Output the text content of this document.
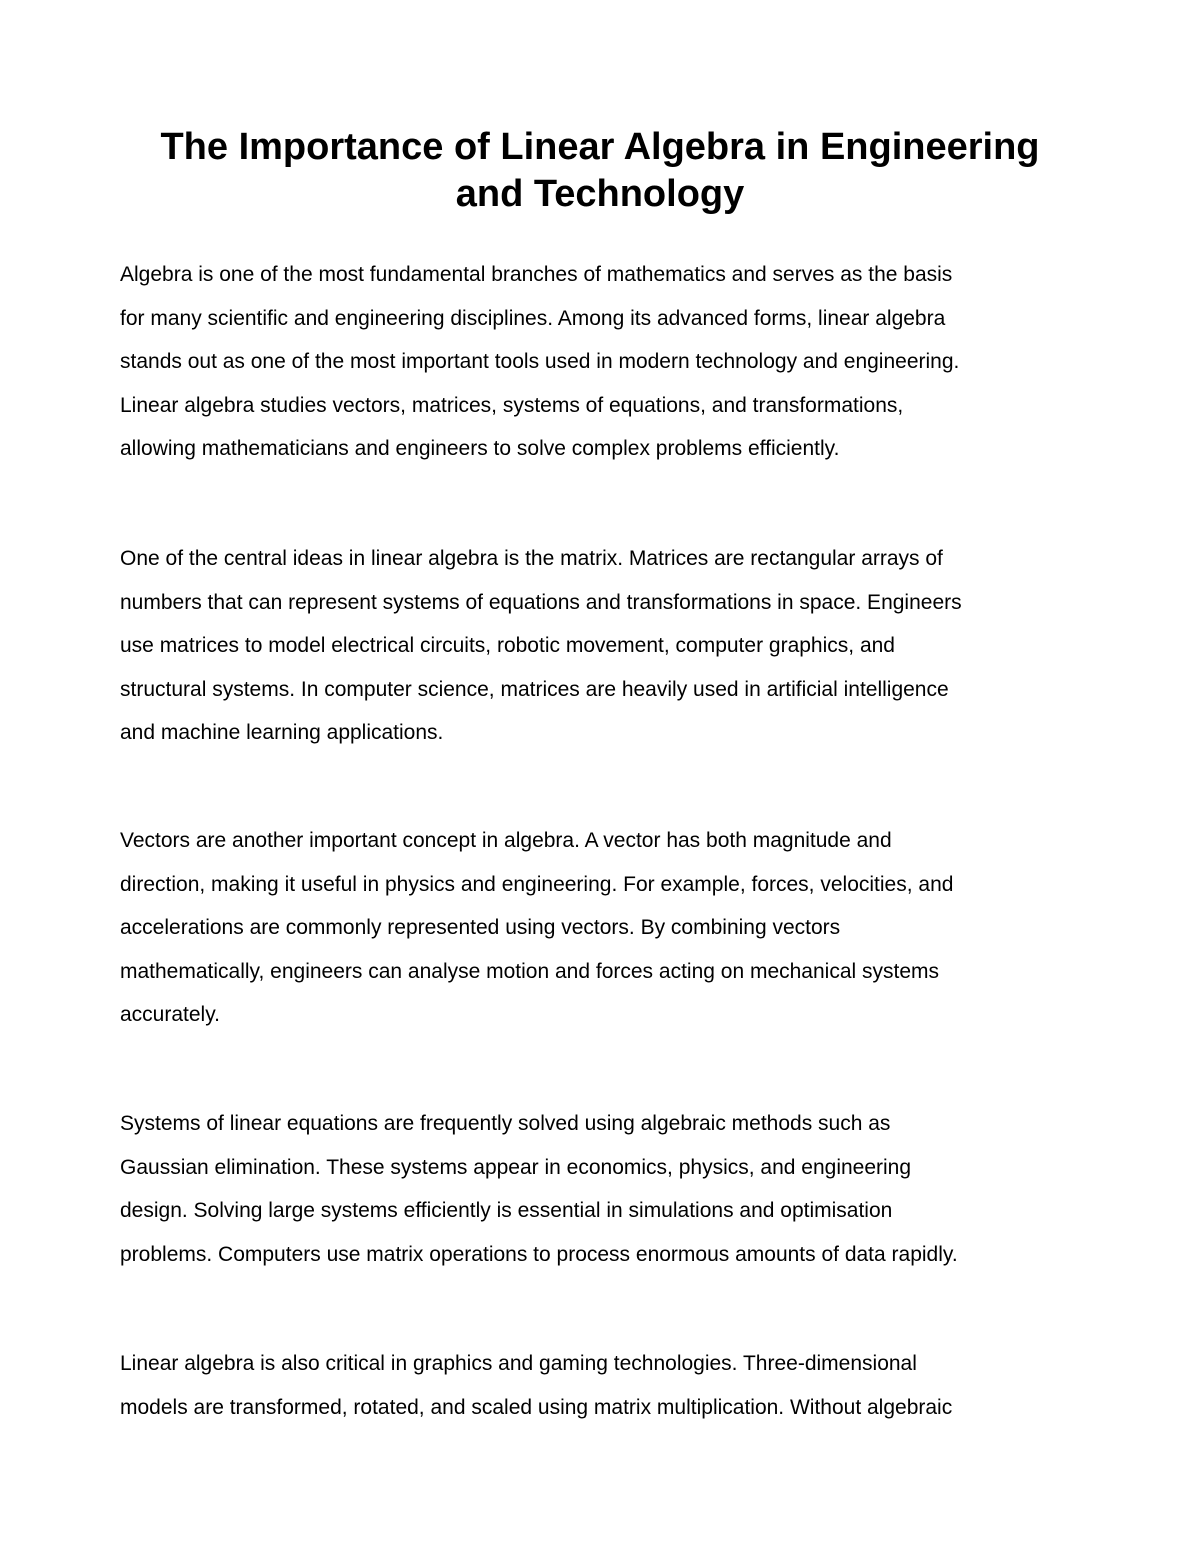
The Importance of Linear Algebra in Engineering
and Technology

Algebra is one of the most fundamental branches of mathematics and serves as the basis
for many scientific and engineering disciplines. Among its advanced forms, linear algebra
stands out as one of the most important tools used in modern technology and engineering.
Linear algebra studies vectors, matrices, systems of equations, and transformations,
allowing mathematicians and engineers to solve complex problems efficiently.

One of the central ideas in linear algebra is the matrix. Matrices are rectangular arrays of
numbers that can represent systems of equations and transformations in space. Engineers
use matrices to model electrical circuits, robotic movement, computer graphics, and
structural systems. In computer science, matrices are heavily used in artificial intelligence
and machine learning applications.

Vectors are another important concept in algebra. A vector has both magnitude and
direction, making it useful in physics and engineering. For example, forces, velocities, and
accelerations are commonly represented using vectors. By combining vectors
mathematically, engineers can analyse motion and forces acting on mechanical systems
accurately.

Systems of linear equations are frequently solved using algebraic methods such as
Gaussian elimination. These systems appear in economics, physics, and engineering
design. Solving large systems efficiently is essential in simulations and optimisation
problems. Computers use matrix operations to process enormous amounts of data rapidly.

Linear algebra is also critical in graphics and gaming technologies. Three-dimensional
models are transformed, rotated, and scaled using matrix multiplication. Without algebraic
